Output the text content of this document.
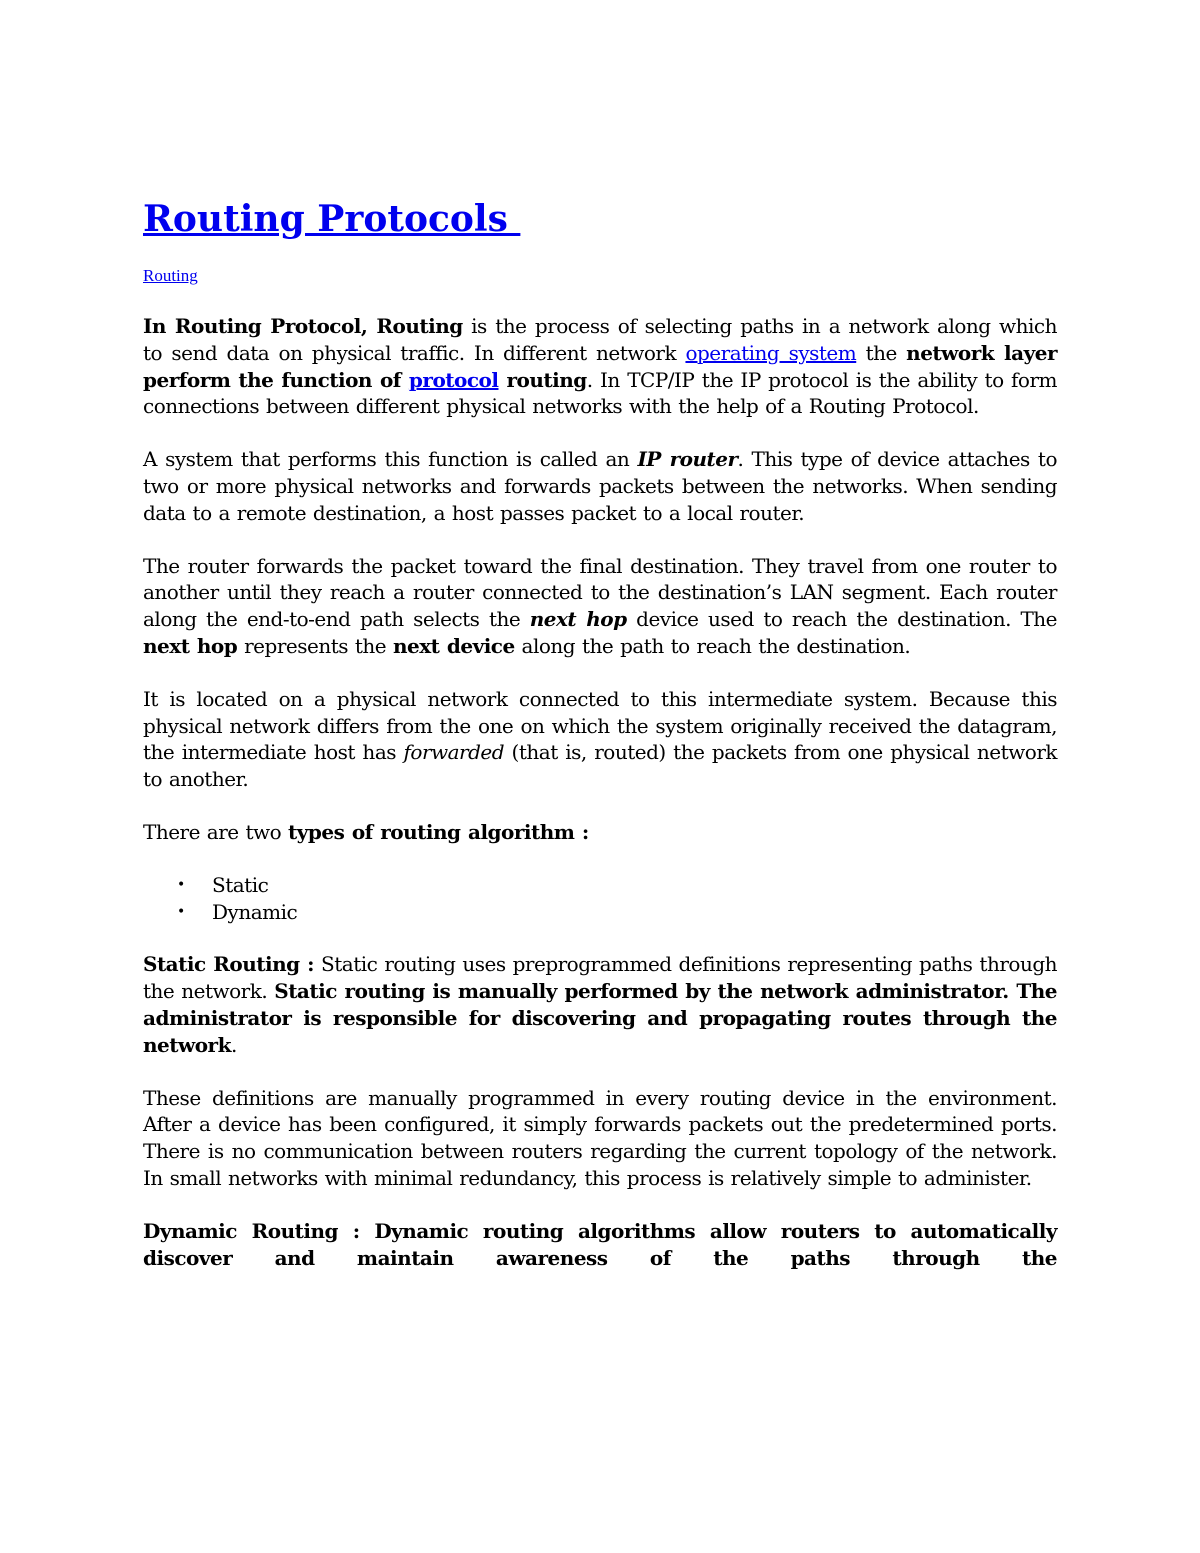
Routing Protocols
Routing

In Routing Protocol, Routing is the process of selecting paths in a network along which to send data on physical traffic. In different network operating system the network layer perform the function of protocol routing. In TCP/IP the IP protocol is the ability to form connections between different physical networks with the help of a Routing Protocol.

A system that performs this function is called an IP router. This type of device attaches to two or more physical networks and forwards packets between the networks. When sending data to a remote destination, a host passes packet to a local router.

The router forwards the packet toward the final destination. They travel from one router to another until they reach a router connected to the destination’s LAN segment. Each router along the end-to-end path selects the next hop device used to reach the destination. The next hop represents the next device along the path to reach the destination.

It is located on a physical network connected to this intermediate system. Because this physical network differs from the one on which the system originally received the datagram, the intermediate host has forwarded (that is, routed) the packets from one physical network to another.

There are two types of routing algorithm :

• Static
• Dynamic

Static Routing : Static routing uses preprogrammed definitions representing paths through the network. Static routing is manually performed by the network administrator. The administrator is responsible for discovering and propagating routes through the network.

These definitions are manually programmed in every routing device in the environment. After a device has been configured, it simply forwards packets out the predetermined ports. There is no communication between routers regarding the current topology of the network. In small networks with minimal redundancy, this process is relatively simple to administer.

Dynamic Routing : Dynamic routing algorithms allow routers to automatically discover and maintain awareness of the paths through the
